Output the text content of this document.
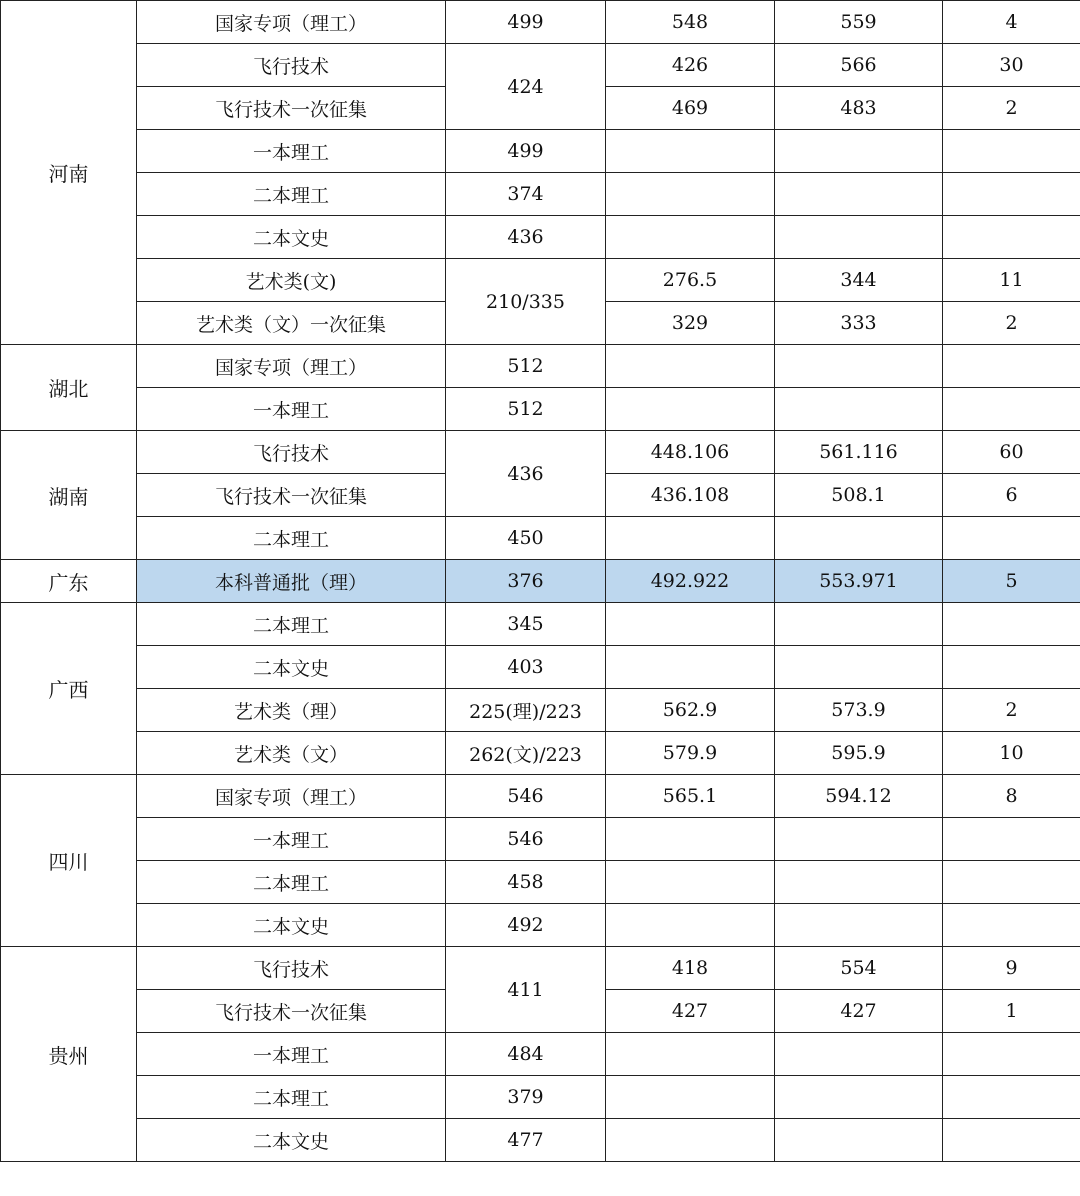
河南	国家专项（理工）	499	548	559	4
	飞行技术	424	426	566	30
	飞行技术一次征集		469	483	2
	一本理工	499			
	二本理工	374			
	二本文史	436			
	艺术类(文)	210/335	276.5	344	11
	艺术类（文）一次征集		329	333	2
湖北	国家专项（理工）	512			
	一本理工	512			
湖南	飞行技术	436	448.106	561.116	60
	飞行技术一次征集		436.108	508.1	6
	二本理工	450			
广东	本科普通批（理）	376	492.922	553.971	5
广西	二本理工	345			
	二本文史	403			
	艺术类（理）	225(理)/223	562.9	573.9	2
	艺术类（文）	262(文)/223	579.9	595.9	10
四川	国家专项（理工）	546	565.1	594.12	8
	一本理工	546			
	二本理工	458			
	二本文史	492			
贵州	飞行技术	411	418	554	9
	飞行技术一次征集		427	427	1
	一本理工	484			
	二本理工	379			
	二本文史	477			
